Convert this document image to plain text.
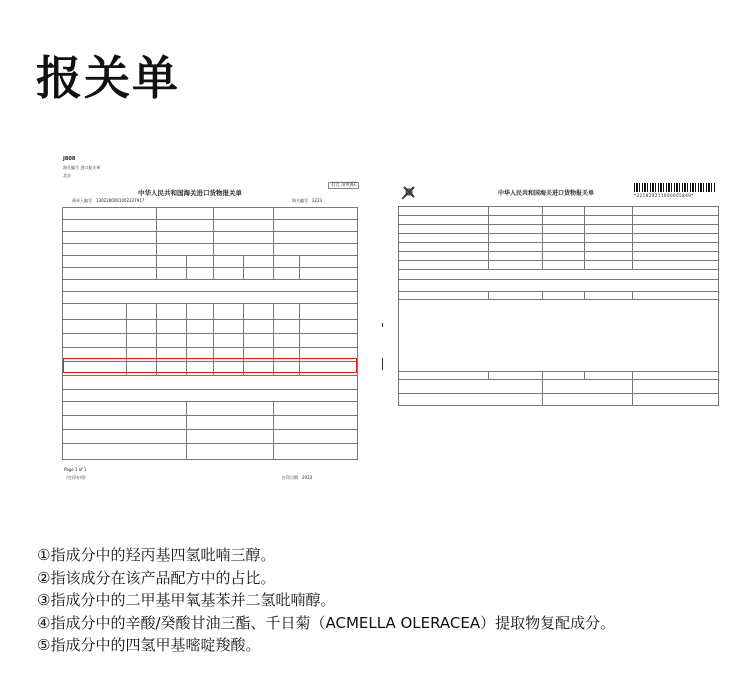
报关单
J808
海关编号 进口报关单
北京
打汇证明联
中华人民共和国海关进口货物报关单
预录入编号：1302300001002227917	海关编号：2223

Page 1 of 1
《打印专用》	打印日期：2023
中华人民共和国海关进口货物报关单	*221820211000065849*

①指成分中的羟丙基四氢吡喃三醇。
②指该成分在该产品配方中的占比。
③指成分中的二甲基甲氧基苯并二氢吡喃醇。
④指成分中的辛酸/癸酸甘油三酯、千日菊（ACMELLA OLERACEA）提取物复配成分。
⑤指成分中的四氢甲基嘧啶羧酸。
